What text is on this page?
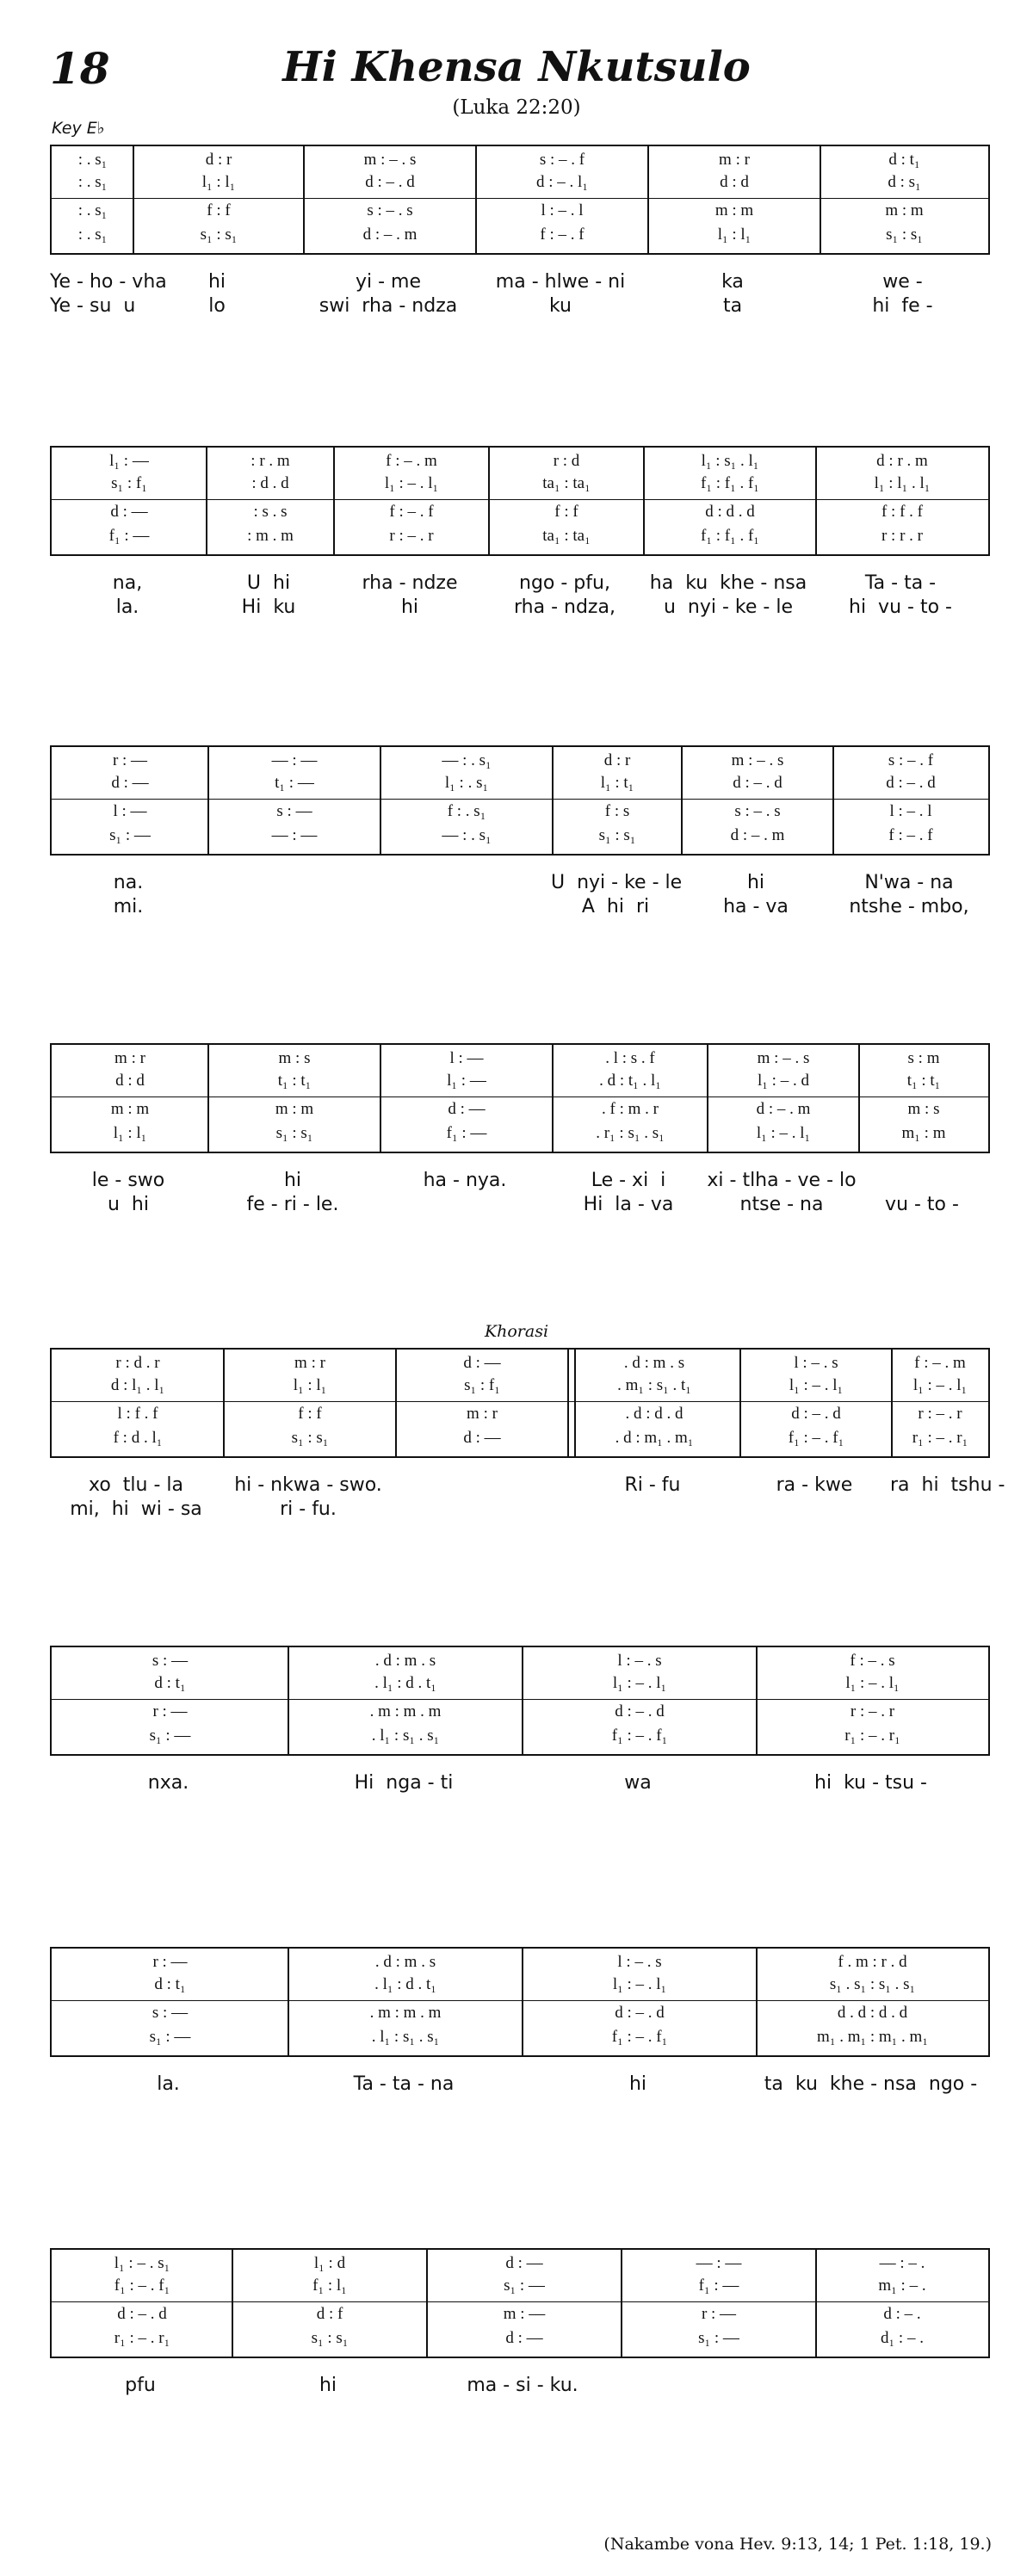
18	Hi Khensa Nkutsulo
(Luka 22:20)
Key E♭
Khorasi
: . s₁	d : r	m : – . s	s : – . f	m : r	d : t₁
: . s₁	l₁ : l₁	d : – . d	d : – . l₁	d : d	d : s₁
: . s₁	f : f	s : – . s	l : – . l	m : m	m : m
: . s₁	s₁ : s₁	d : – . m	f : – . f	l₁ : l₁	s₁ : s₁
Ye - ho - vha	hi	yi - me	ma - hlwe - ni	ka	we -
Ye - su  u	lo	swi  rha - ndza	ku	ta	hi  fe -
l₁ : —	: r . m	f : – . m	r : d	l₁ : s₁ . l₁	d : r . m
s₁ : f₁	: d . d	l₁ : – . l₁	ta₁ : ta₁	f₁ : f₁ . f₁	l₁ : l₁ . l₁
d : —	: s . s	f : – . f	f : f	d : d . d	f : f . f
f₁ : —	: m . m	r : – . r	ta₁ : ta₁	f₁ : f₁ . f₁	r : r . r
na,	U  hi	rha - ndze	ngo - pfu,	ha  ku  khe - nsa	Ta - ta -
la.	Hi  ku	hi	rha - ndza,	u  nyi - ke - le	hi  vu - to -
r : —	— : —	— : . s₁	d : r	m : – . s	s : – . f
d : —	t₁ : —	l₁ : . s₁	l₁ : t₁	d : – . d	d : – . d
l : —	s : —	f : . s₁	f : s	s : – . s	l : – . l
s₁ : —	— : —	— : . s₁	s₁ : s₁	d : – . m	f : – . f
na.	U  nyi - ke - le	hi	N'wa - na
mi.	A  hi  ri	ha - va	ntshe - mbo,
m : r	m : s	l : —	. l : s . f	m : – . s	s : m
d : d	t₁ : t₁	l₁ : —	. d : t₁ . l₁	l₁ : – . d	t₁ : t₁
m : m	m : m	d : —	. f : m . r	d : – . m	m : s
l₁ : l₁	s₁ : s₁	f₁ : —	. r₁ : s₁ . s₁	l₁ : – . l₁	m₁ : m
le - swo	hi	ha - nya.	Le - xi  i	xi - tlha - ve - lo
u  hi	fe - ri - le.	Hi  la - va	ntse - na	vu - to -
r : d . r	m : r	d : —	. d : m . s	l : – . s	f : – . m
d : l₁ . l₁	l₁ : l₁	s₁ : f₁	. m₁ : s₁ . t₁	l₁ : – . l₁	l₁ : – . l₁
l : f . f	f : f	m : r	. d : d . d	d : – . d	r : – . r
f : d . l₁	s₁ : s₁	d : —	. d : m₁ . m₁	f₁ : – . f₁	r₁ : – . r₁
xo  tlu - la	hi - nkwa - swo.	Ri - fu	ra - kwe	ra  hi  tshu -
mi,  hi  wi - sa	ri - fu.
s : —	. d : m . s	l : – . s	f : – . s
d : t₁	. l₁ : d . t₁	l₁ : – . l₁	l₁ : – . l₁
r : —	. m : m . m	d : – . d	r : – . r
s₁ : —	. l₁ : s₁ . s₁	f₁ : – . f₁	r₁ : – . r₁
nxa.	Hi  nga - ti	wa	hi  ku - tsu -
r : —	. d : m . s	l : – . s	f . m : r . d
d : t₁	. l₁ : d . t₁	l₁ : – . l₁	s₁ . s₁ : s₁ . s₁
s : —	. m : m . m	d : – . d	d . d : d . d
s₁ : —	. l₁ : s₁ . s₁	f₁ : – . f₁	m₁ . m₁ : m₁ . m₁
la.	Ta - ta - na	hi	ta  ku  khe - nsa  ngo -
l₁ : – . s₁	l₁ : d	d : —	— : —	— : – .
f₁ : – . f₁	f₁ : l₁	s₁ : —	f₁ : —	m₁ : – .
d : – . d	d : f	m : —	r : —	d : – .
r₁ : – . r₁	s₁ : s₁	d : —	s₁ : —	d₁ : – .
pfu	hi	ma - si - ku.
(Nakambe vona Hev. 9:13, 14; 1 Pet. 1:18, 19.)
